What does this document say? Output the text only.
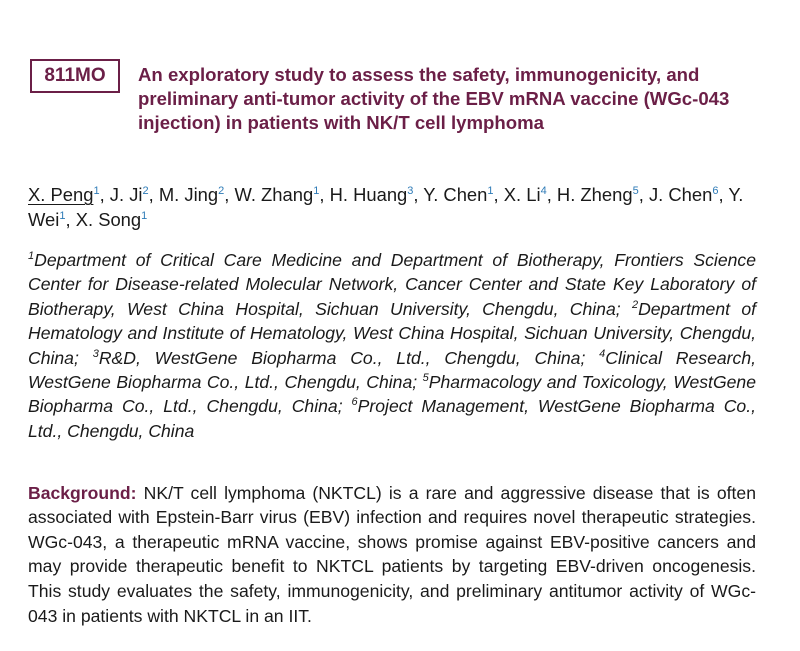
811MO An exploratory study to assess the safety, immunogenicity, and preliminary anti-tumor activity of the EBV mRNA vaccine (WGc-043 injection) in patients with NK/T cell lymphoma
X. Peng$^1$, J. Ji$^2$, M. Jing$^2$, W. Zhang$^1$, H. Huang$^3$, Y. Chen$^1$, X. Li$^4$, H. Zheng$^5$, J. Chen$^6$, Y. Wei$^1$, X. Song$^1$
$^1$Department of Critical Care Medicine and Department of Biotherapy, Frontiers Science Center for Disease-related Molecular Network, Cancer Center and State Key Laboratory of Biotherapy, West China Hospital, Sichuan University, Chengdu, China; $^2$Department of Hematology and Institute of Hematology, West China Hospital, Sichuan University, Chengdu, China; $^3$R&D, WestGene Biopharma Co., Ltd., Chengdu, China; $^4$Clinical Research, WestGene Biopharma Co., Ltd., Chengdu, China; $^5$Pharmacology and Toxicology, WestGene Biopharma Co., Ltd., Chengdu, China; $^6$Project Management, WestGene Biopharma Co., Ltd., Chengdu, China

Background: NK/T cell lymphoma (NKTCL) is a rare and aggressive disease that is often associated with Epstein-Barr virus (EBV) infection and requires novel therapeutic strategies. WGc-043, a therapeutic mRNA vaccine, shows promise against EBV-positive cancers and may provide therapeutic benefit to NKTCL patients by targeting EBV-driven oncogenesis. This study evaluates the safety, immunogenicity, and preliminary antitumor activity of WGc-043 in patients with NKTCL in an IIT.
